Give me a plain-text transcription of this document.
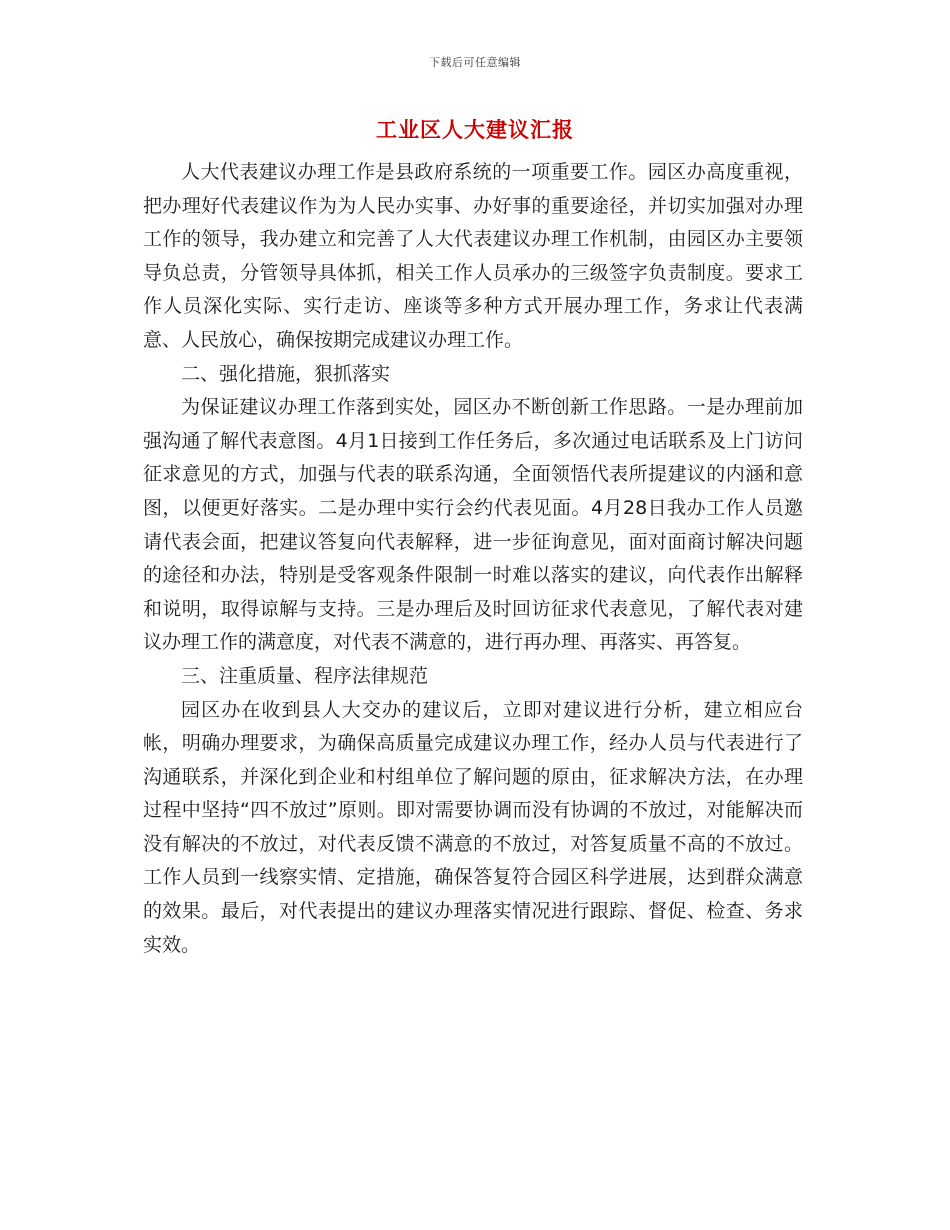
下载后可任意编辑
工业区人大建议汇报

人大代表建议办理工作是县政府系统的一项重要工作。园区办高度重视，把办理好代表建议作为为人民办实事、办好事的重要途径，并切实加强对办理工作的领导，我办建立和完善了人大代表建议办理工作机制，由园区办主要领导负总责，分管领导具体抓，相关工作人员承办的三级签字负责制度。要求工作人员深化实际、实行走访、座谈等多种方式开展办理工作，务求让代表满意、人民放心，确保按期完成建议办理工作。

二、强化措施，狠抓落实

为保证建议办理工作落到实处，园区办不断创新工作思路。一是办理前加强沟通了解代表意图。4月1日接到工作任务后，多次通过电话联系及上门访问征求意见的方式，加强与代表的联系沟通，全面领悟代表所提建议的内涵和意图，以便更好落实。二是办理中实行会约代表见面。4月28日我办工作人员邀请代表会面，把建议答复向代表解释，进一步征询意见，面对面商讨解决问题的途径和办法，特别是受客观条件限制一时难以落实的建议，向代表作出解释和说明，取得谅解与支持。三是办理后及时回访征求代表意见，了解代表对建议办理工作的满意度，对代表不满意的，进行再办理、再落实、再答复。

三、注重质量、程序法律规范

园区办在收到县人大交办的建议后，立即对建议进行分析，建立相应台帐，明确办理要求，为确保高质量完成建议办理工作，经办人员与代表进行了沟通联系，并深化到企业和村组单位了解问题的原由，征求解决方法，在办理过程中坚持“四不放过”原则。即对需要协调而没有协调的不放过，对能解决而没有解决的不放过，对代表反馈不满意的不放过，对答复质量不高的不放过。工作人员到一线察实情、定措施，确保答复符合园区科学进展，达到群众满意的效果。最后，对代表提出的建议办理落实情况进行跟踪、督促、检查、务求实效。
